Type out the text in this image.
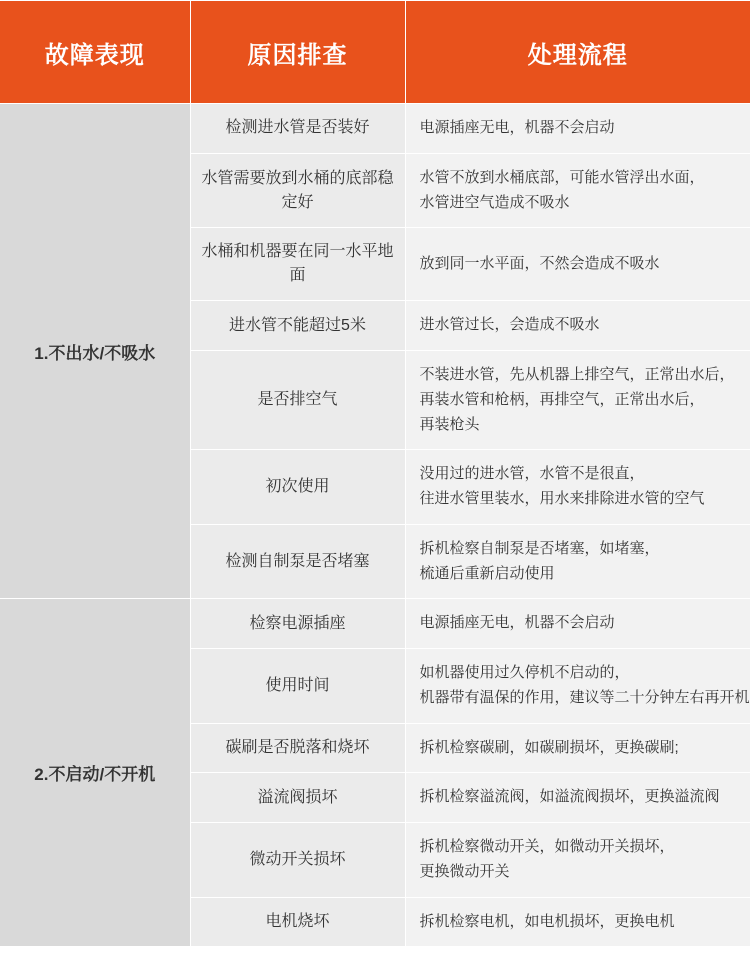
故障表现	原因排查	处理流程
1.不出水/不吸水	检测进水管是否装好	电源插座无电，机器不会启动

	水管需要放到水桶的底部稳定好	水管不放到水桶底部，可能水管浮出水面，
水管进空气造成不吸水

	水桶和机器要在同一水平地面	放到同一水平面，不然会造成不吸水

	进水管不能超过5米	进水管过长，会造成不吸水

	是否排空气	不装进水管，先从机器上排空气，正常出水后，
再装水管和枪柄，再排空气，正常出水后，
再装枪头

	初次使用	没用过的进水管，水管不是很直，
往进水管里装水，用水来排除进水管的空气

	检测自制泵是否堵塞	拆机检察自制泵是否堵塞，如堵塞，
梳通后重新启动使用

2.不启动/不开机	检察电源插座	电源插座无电，机器不会启动

	使用时间	如机器使用过久停机不启动的，
机器带有温保的作用，建议等二十分钟左右再开机

	碳刷是否脱落和烧坏	拆机检察碳刷，如碳刷损坏，更换碳刷;

	溢流阀损坏	拆机检察溢流阀，如溢流阀损坏，更换溢流阀

	微动开关损坏	拆机检察微动开关，如微动开关损坏，
更换微动开关

	电机烧坏	拆机检察电机，如电机损坏，更换电机
